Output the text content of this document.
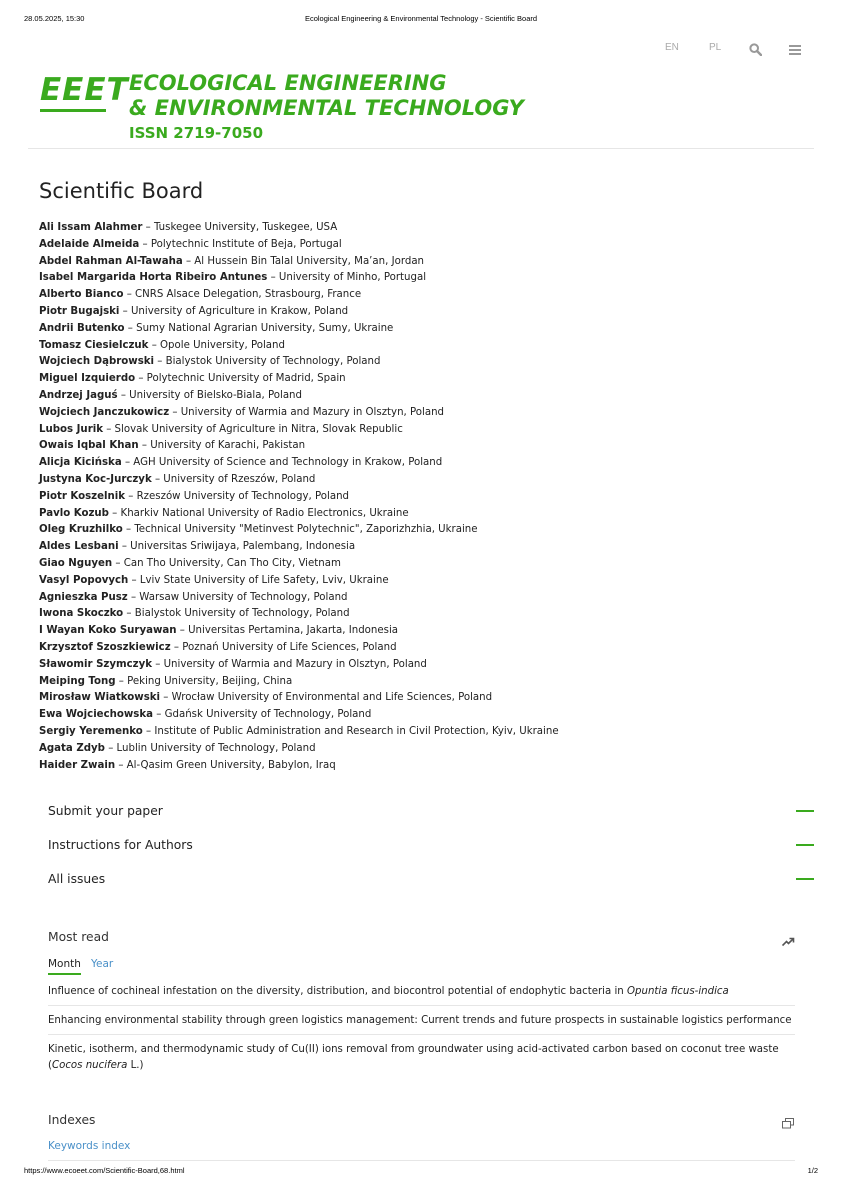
28.05.2025, 15:30	Ecological Engineering & Environmental Technology - Scientific Board
EN	PL
EEET ECOLOGICAL ENGINEERING
& ENVIRONMENTAL TECHNOLOGY
ISSN 2719-7050
Scientific Board
Ali Issam Alahmer – Tuskegee University, Tuskegee, USA
Adelaide Almeida – Polytechnic Institute of Beja, Portugal
Abdel Rahman Al-Tawaha – Al Hussein Bin Talal University, Ma’an, Jordan
Isabel Margarida Horta Ribeiro Antunes – University of Minho, Portugal
Alberto Bianco – CNRS Alsace Delegation, Strasbourg, France
Piotr Bugajski – University of Agriculture in Krakow, Poland
Andrii Butenko – Sumy National Agrarian University, Sumy, Ukraine
Tomasz Ciesielczuk – Opole University, Poland
Wojciech Dąbrowski – Bialystok University of Technology, Poland
Miguel Izquierdo – Polytechnic University of Madrid, Spain
Andrzej Jaguś – University of Bielsko-Biala, Poland
Wojciech Janczukowicz – University of Warmia and Mazury in Olsztyn, Poland
Lubos Jurik – Slovak University of Agriculture in Nitra, Slovak Republic
Owais Iqbal Khan – University of Karachi, Pakistan
Alicja Kicińska – AGH University of Science and Technology in Krakow, Poland
Justyna Koc-Jurczyk – University of Rzeszów, Poland
Piotr Koszelnik – Rzeszów University of Technology, Poland
Pavlo Kozub – Kharkiv National University of Radio Electronics, Ukraine
Oleg Kruzhilko – Technical University "Metinvest Polytechnic", Zaporizhzhia, Ukraine
Aldes Lesbani – Universitas Sriwijaya, Palembang, Indonesia
Giao Nguyen – Can Tho University, Can Tho City, Vietnam
Vasyl Popovych – Lviv State University of Life Safety, Lviv, Ukraine
Agnieszka Pusz – Warsaw University of Technology, Poland
Iwona Skoczko – Bialystok University of Technology, Poland
I Wayan Koko Suryawan – Universitas Pertamina, Jakarta, Indonesia
Krzysztof Szoszkiewicz – Poznań University of Life Sciences, Poland
Sławomir Szymczyk – University of Warmia and Mazury in Olsztyn, Poland
Meiping Tong – Peking University, Beijing, China
Mirosław Wiatkowski – Wrocław University of Environmental and Life Sciences, Poland
Ewa Wojciechowska – Gdańsk University of Technology, Poland
Sergiy Yeremenko – Institute of Public Administration and Research in Civil Protection, Kyiv, Ukraine
Agata Zdyb – Lublin University of Technology, Poland
Haider Zwain – Al-Qasim Green University, Babylon, Iraq
Submit your paper
Instructions for Authors
All issues
Most read
Month Year
Influence of cochineal infestation on the diversity, distribution, and biocontrol potential of endophytic bacteria in Opuntia ficus-indica
Enhancing environmental stability through green logistics management: Current trends and future prospects in sustainable logistics performance
Kinetic, isotherm, and thermodynamic study of Cu(II) ions removal from groundwater using acid-activated carbon based on coconut tree waste (Cocos nucifera L.)
Indexes
Keywords index
https://www.ecoeet.com/Scientific-Board,68.html	1/2
